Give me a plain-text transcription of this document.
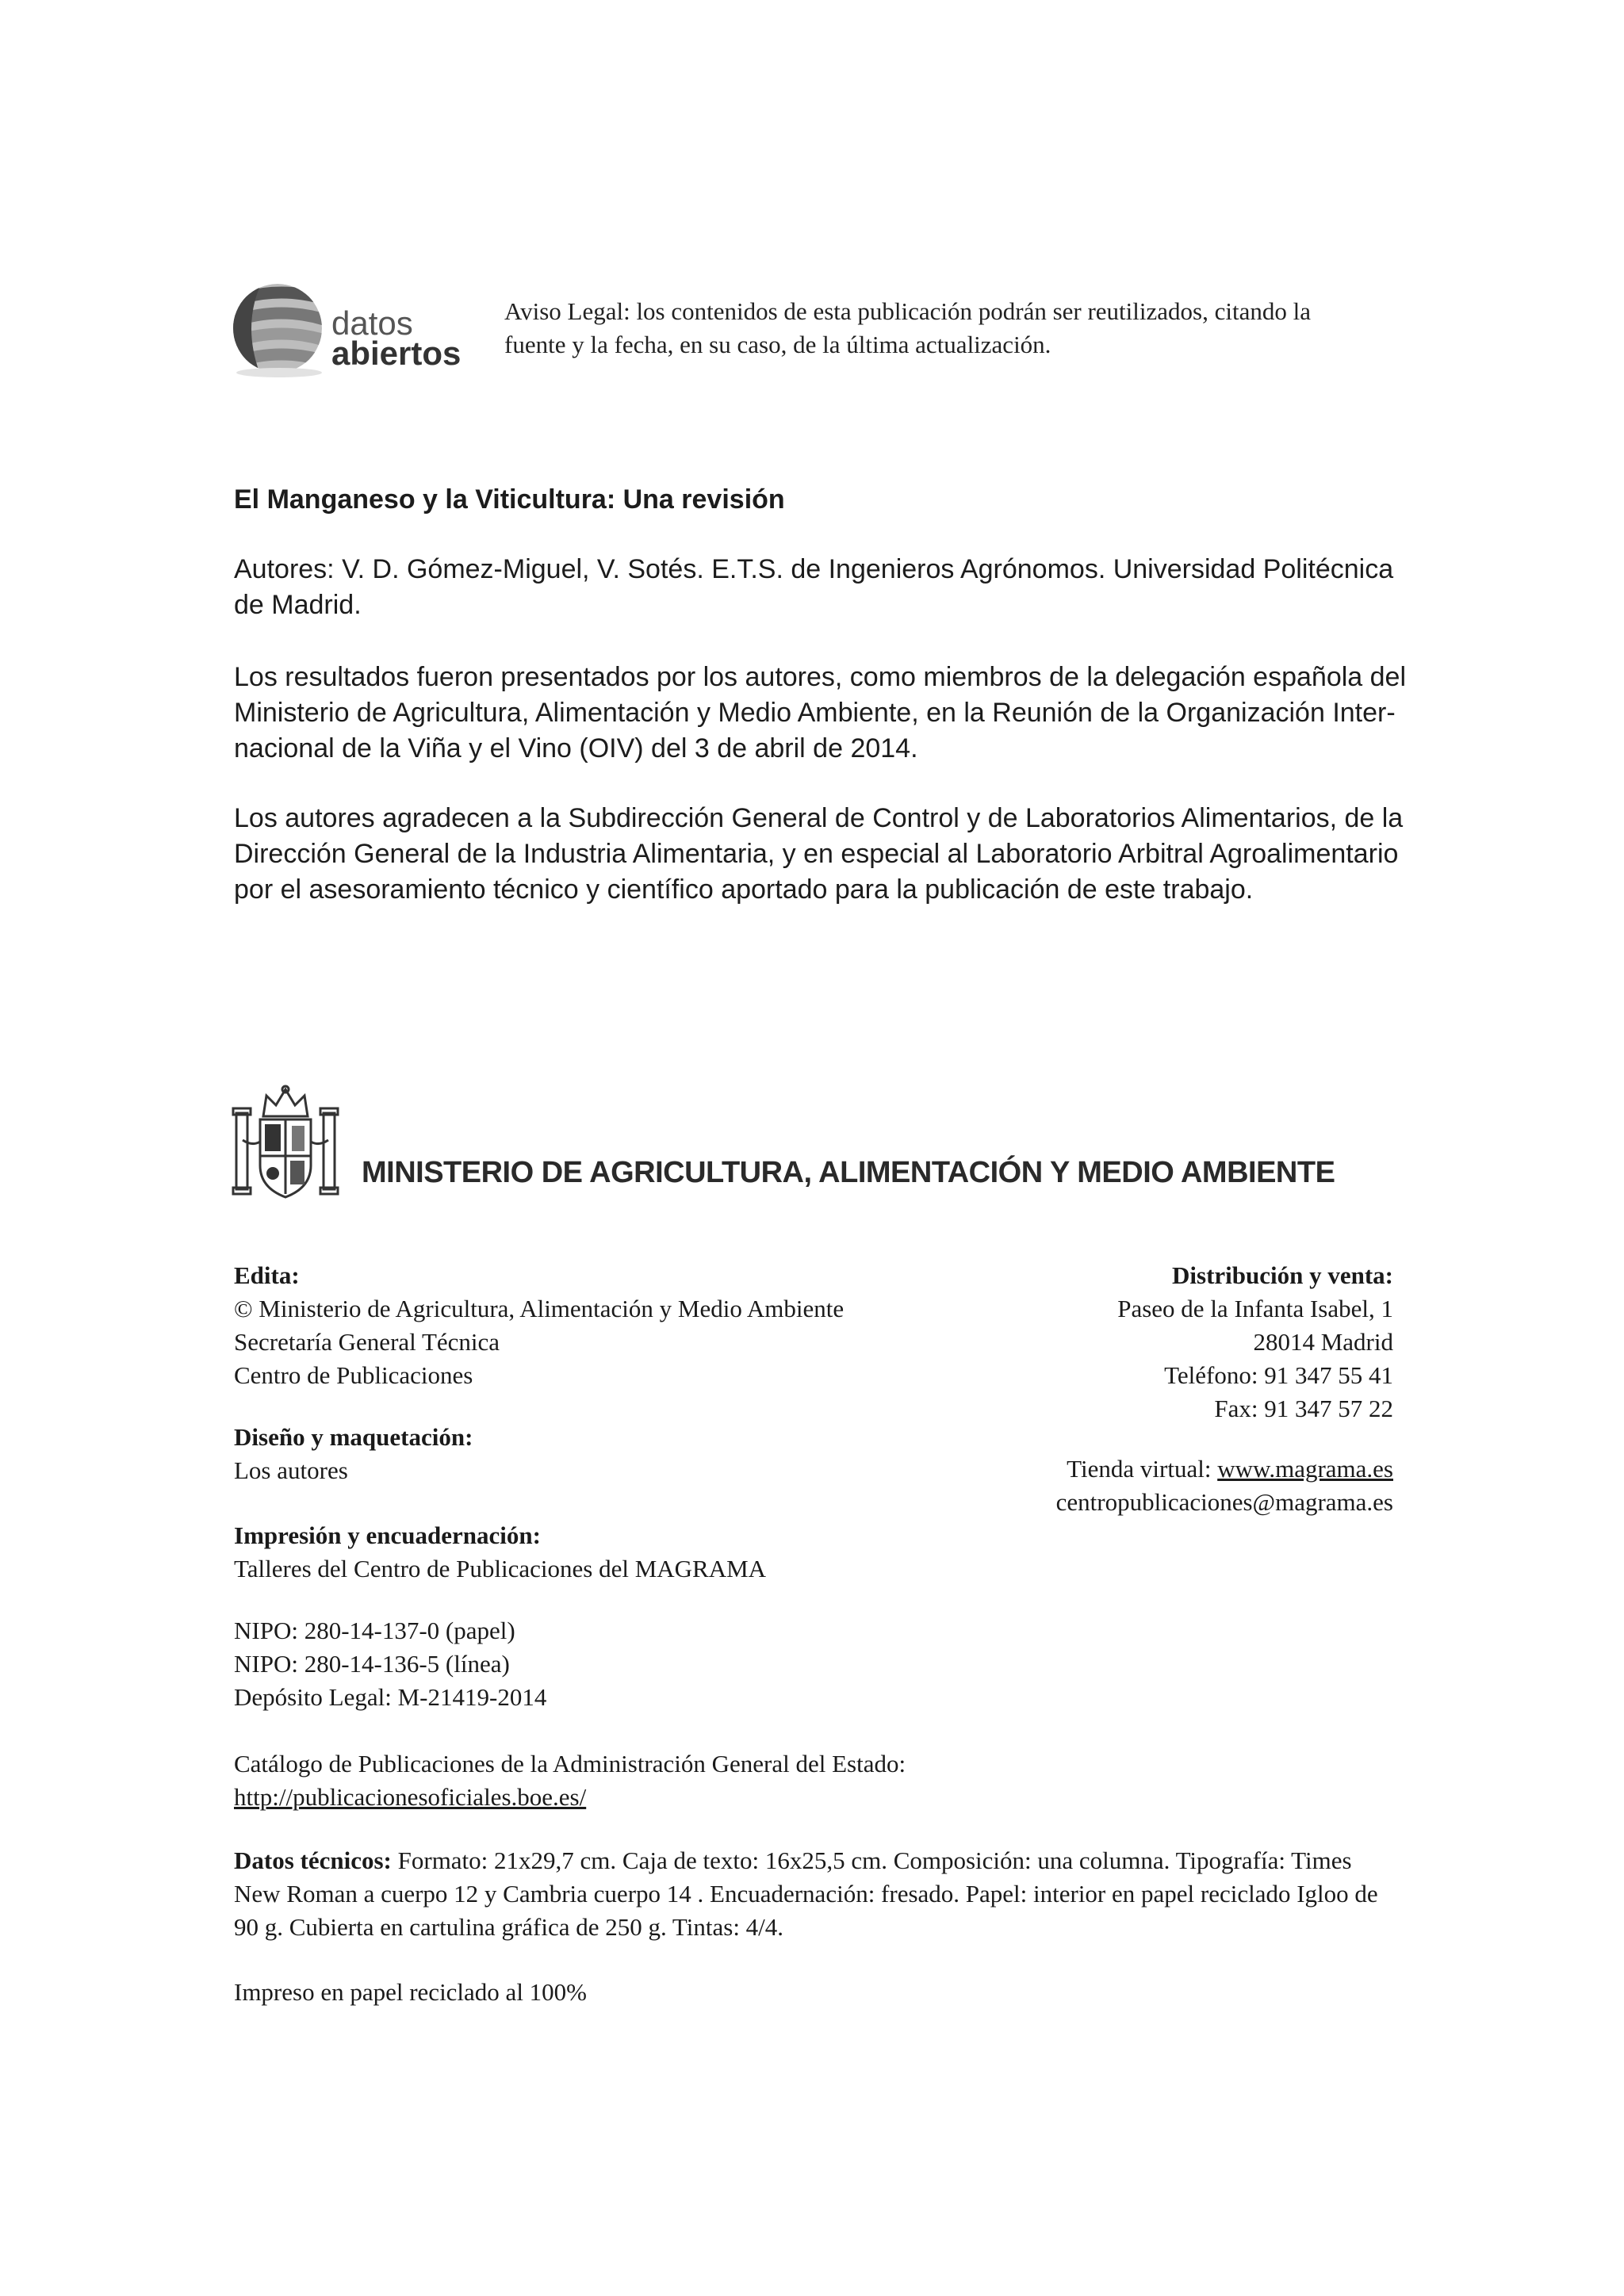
datos
abiertos
Aviso Legal: los contenidos de esta publicación podrán ser reutilizados, citando la
fuente y la fecha, en su caso, de la última actualización.
El Manganeso y la Viticultura: Una revisión
Autores: V. D. Gómez-Miguel, V. Sotés. E.T.S. de Ingenieros Agrónomos. Universidad Politécnica
de Madrid.
Los resultados fueron presentados por los autores, como miembros de la delegación española del
Ministerio de Agricultura, Alimentación y Medio Ambiente, en la Reunión de la Organización Inter-
nacional de la Viña y el Vino (OIV) del 3 de abril de 2014.
Los autores agradecen a la Subdirección General de Control y de Laboratorios Alimentarios, de la
Dirección General de la Industria Alimentaria, y en especial al Laboratorio Arbitral Agroalimentario
por el asesoramiento técnico y científico aportado para la publicación de este trabajo.
MINISTERIO DE AGRICULTURA, ALIMENTACIÓN Y MEDIO AMBIENTE
Edita:
© Ministerio de Agricultura, Alimentación y Medio Ambiente
Secretaría General Técnica
Centro de Publicaciones
Diseño y maquetación:
Los autores
Impresión y encuadernación:
Talleres del Centro de Publicaciones del MAGRAMA
NIPO: 280-14-137-0 (papel)
NIPO: 280-14-136-5 (línea)
Depósito Legal: M-21419-2014
Catálogo de Publicaciones de la Administración General del Estado:
http://publicacionesoficiales.boe.es/
Datos técnicos: Formato: 21x29,7 cm. Caja de texto: 16x25,5 cm. Composición: una columna. Tipografía: Times New Roman a cuerpo 12 y Cambria cuerpo 14 . Encuadernación: fresado. Papel: interior en papel reciclado Igloo de 90 g. Cubierta en cartulina gráfica de 250 g. Tintas: 4/4.
Impreso en papel reciclado al 100%
Distribución y venta:
Paseo de la Infanta Isabel, 1
28014 Madrid
Teléfono: 91 347 55 41
Fax: 91 347 57 22
Tienda virtual: www.magrama.es
centropublicaciones@magrama.es
